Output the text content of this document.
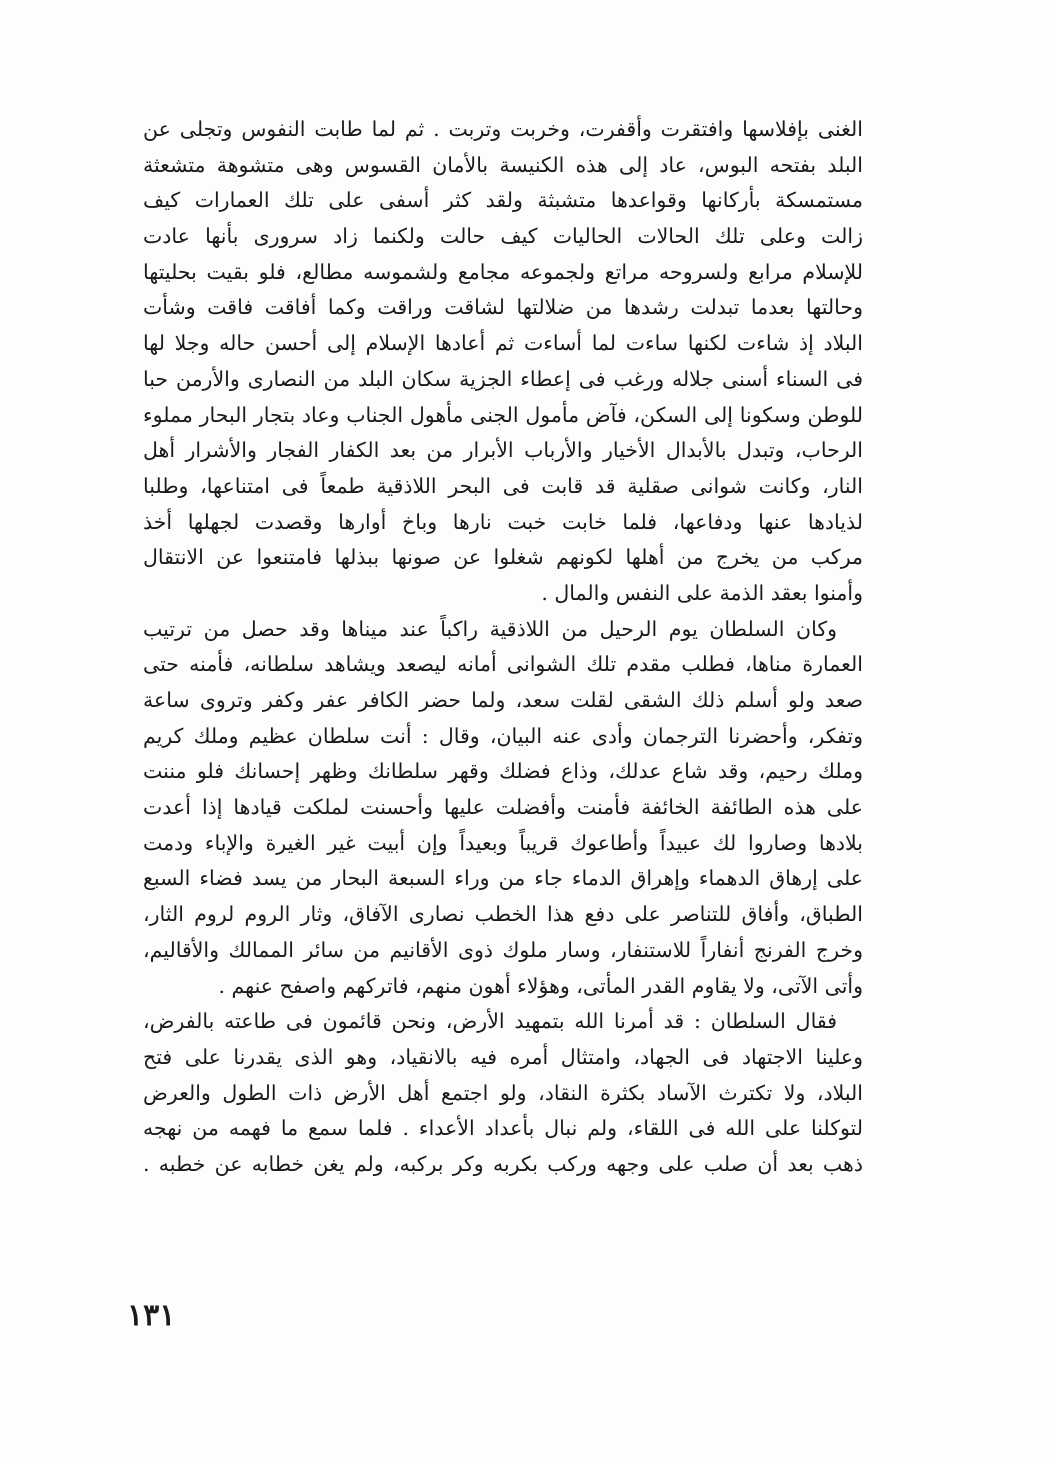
الغنى بإفلاسها وافتقرت وأقفرت، وخربت وتربت . ثم لما طابت النفوس وتجلى عن
البلد بفتحه البوس، عاد إلى هذه الكنيسة بالأمان القسوس وهى متشوهة متشعثة
مستمسكة بأركانها وقواعدها متشبثة ولقد كثر أسفى على تلك العمارات كيف
زالت وعلى تلك الحالات الحاليات كيف حالت ولكنما زاد سرورى بأنها عادت
للإسلام مرابع ولسروحه مراتع ولجموعه مجامع ولشموسه مطالع، فلو بقيت بحليتها
وحالتها بعدما تبدلت رشدها من ضلالتها لشاقت وراقت وكما أفاقت فاقت وشأت
البلاد إذ شاءت لكنها ساءت لما أساءت ثم أعادها الإسلام إلى أحسن حاله وجلا لها
فى السناء أسنى جلاله ورغب فى إعطاء الجزية سكان البلد من النصارى والأرمن حبا
للوطن وسكونا إلى السكن، فآض مأمول الجنى مأهول الجناب وعاد بتجار البحار مملوء
الرحاب، وتبدل بالأبدال الأخيار والأرباب الأبرار من بعد الكفار الفجار والأشرار أهل
النار، وكانت شوانى صقلية قد قابت فى البحر اللاذقية طمعاً فى امتناعها، وطلبا
لذيادها عنها ودفاعها، فلما خابت خبت نارها وباخ أوارها وقصدت لجهلها أخذ
مركب من يخرج من أهلها لكونهم شغلوا عن صونها ببذلها فامتنعوا عن الانتقال
وأمنوا بعقد الذمة على النفس والمال .
وكان السلطان يوم الرحيل من اللاذقية راكباً عند ميناها وقد حصل من ترتيب
العمارة مناها، فطلب مقدم تلك الشوانى أمانه ليصعد ويشاهد سلطانه، فأمنه حتى
صعد ولو أسلم ذلك الشقى لقلت سعد، ولما حضر الكافر عفر وكفر وتروى ساعة
وتفكر، وأحضرنا الترجمان وأدى عنه البيان، وقال : أنت سلطان عظيم وملك كريم
وملك رحيم، وقد شاع عدلك، وذاع فضلك وقهر سلطانك وظهر إحسانك فلو مننت
على هذه الطائفة الخائفة فأمنت وأفضلت عليها وأحسنت لملكت قيادها إذا أعدت
بلادها وصاروا لك عبيداً وأطاعوك قريباً وبعيداً وإن أبيت غير الغيرة والإباء ودمت
على إرهاق الدهماء وإهراق الدماء جاء من وراء السبعة البحار من يسد فضاء السبع
الطباق، وأفاق للتناصر على دفع هذا الخطب نصارى الآفاق، وثار الروم لروم الثار،
وخرج الفرنج أنفاراً للاستنفار، وسار ملوك ذوى الأقانيم من سائر الممالك والأقاليم،
وأتى الآتى، ولا يقاوم القدر المأتى، وهؤلاء أهون منهم، فاتركهم واصفح عنهم .
فقال السلطان : قد أمرنا الله بتمهيد الأرض، ونحن قائمون فى طاعته بالفرض،
وعلينا الاجتهاد فى الجهاد، وامتثال أمره فيه بالانقياد، وهو الذى يقدرنا على فتح
البلاد، ولا تكترث الآساد بكثرة النقاد، ولو اجتمع أهل الأرض ذات الطول والعرض
لتوكلنا على الله فى اللقاء، ولم نبال بأعداد الأعداء . فلما سمع ما فهمه من نهجه
ذهب بعد أن صلب على وجهه وركب بكربه وكر بركبه، ولم يغن خطابه عن خطبه .
١٣١
